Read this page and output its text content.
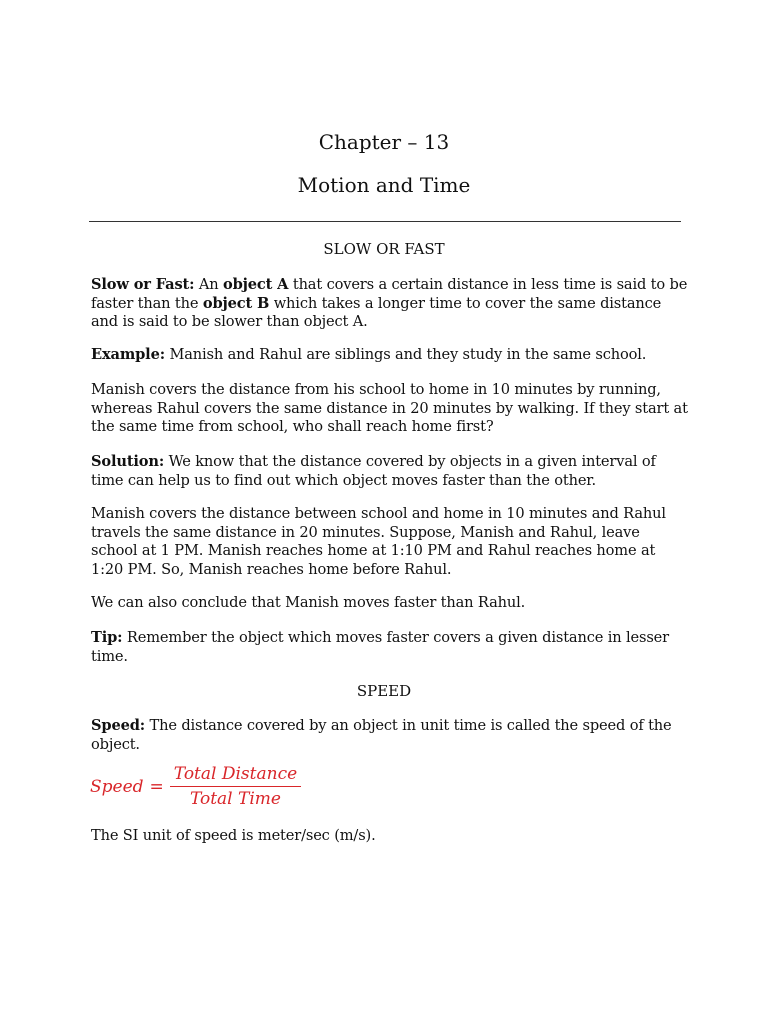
Chapter – 13
Motion and Time
SLOW OR FAST
Slow or Fast: An object A that covers a certain distance in less time is said to be faster than the object B which takes a longer time to cover the same distance and is said to be slower than object A.
Example: Manish and Rahul are siblings and they study in the same school.
Manish covers the distance from his school to home in 10 minutes by running, whereas Rahul covers the same distance in 20 minutes by walking. If they start at the same time from school, who shall reach home first?
Solution: We know that the distance covered by objects in a given interval of time can help us to find out which object moves faster than the other.
Manish covers the distance between school and home in 10 minutes and Rahul travels the same distance in 20 minutes. Suppose, Manish and Rahul, leave school at 1 PM. Manish reaches home at 1:10 PM and Rahul reaches home at 1:20 PM. So, Manish reaches home before Rahul.
We can also conclude that Manish moves faster than Rahul.
Tip: Remember the object which moves faster covers a given distance in lesser time.
SPEED
Speed: The distance covered by an object in unit time is called the speed of the object.
Speed = $\frac{\text{Total Distance}}{\text{Total Time}}$
The SI unit of speed is meter/sec (m/s).
